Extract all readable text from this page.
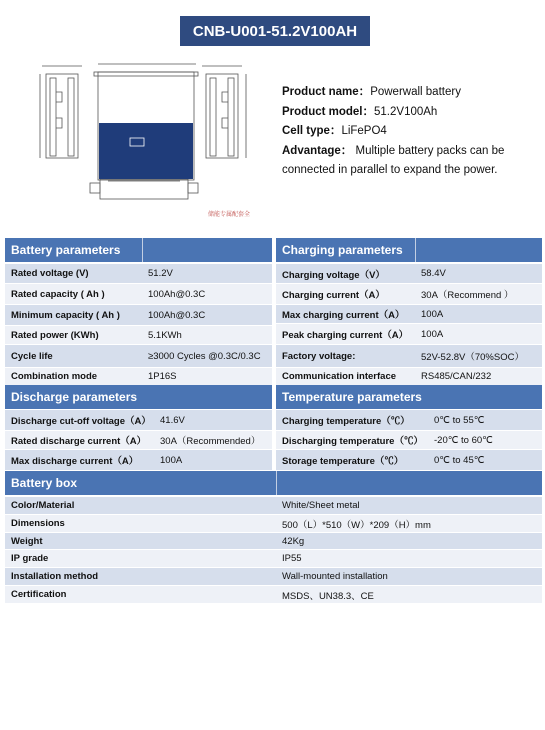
CNB-U001-51.2V100AH
储能专属配套全
Product name：Powerwall battery
Product model：51.2V100Ah
Cell type：LiFePO4
Advantage： Multiple battery packs can be connected in parallel to expand the power.
Battery parameters	Charging parameters
Rated voltage (V)	51.2V
Rated capacity ( Ah )	100Ah@0.3C
Minimum capacity ( Ah )	100Ah@0.3C
Rated power (KWh)	5.1KWh
Cycle life	≥3000 Cycles @0.3C/0.3C
Combination mode	1P16S
Charging voltage（V）	58.4V
Charging current（A）	30A（Recommend ）
Max charging current（A）	100A
Peak charging current（A）	100A
Factory voltage:	52V-52.8V（70%SOC）
Communication interface	RS485/CAN/232
Discharge parameters	Temperature parameters
Discharge cut-off voltage（A） 41.6V
Rated discharge current（A）	30A（Recommended）
Max discharge current（A）	100A
Charging temperature（℃）	0℃ to 55℃
Discharging temperature（℃）	-20℃ to 60℃
Storage temperature（℃）	0℃ to 45℃
Battery box
Color/Material	White/Sheet metal
Dimensions	500（L）*510（W）*209（H）mm
Weight	42Kg
IP grade	IP55
Installation method	Wall-mounted installation
Certification	MSDS、UN38.3、CE
